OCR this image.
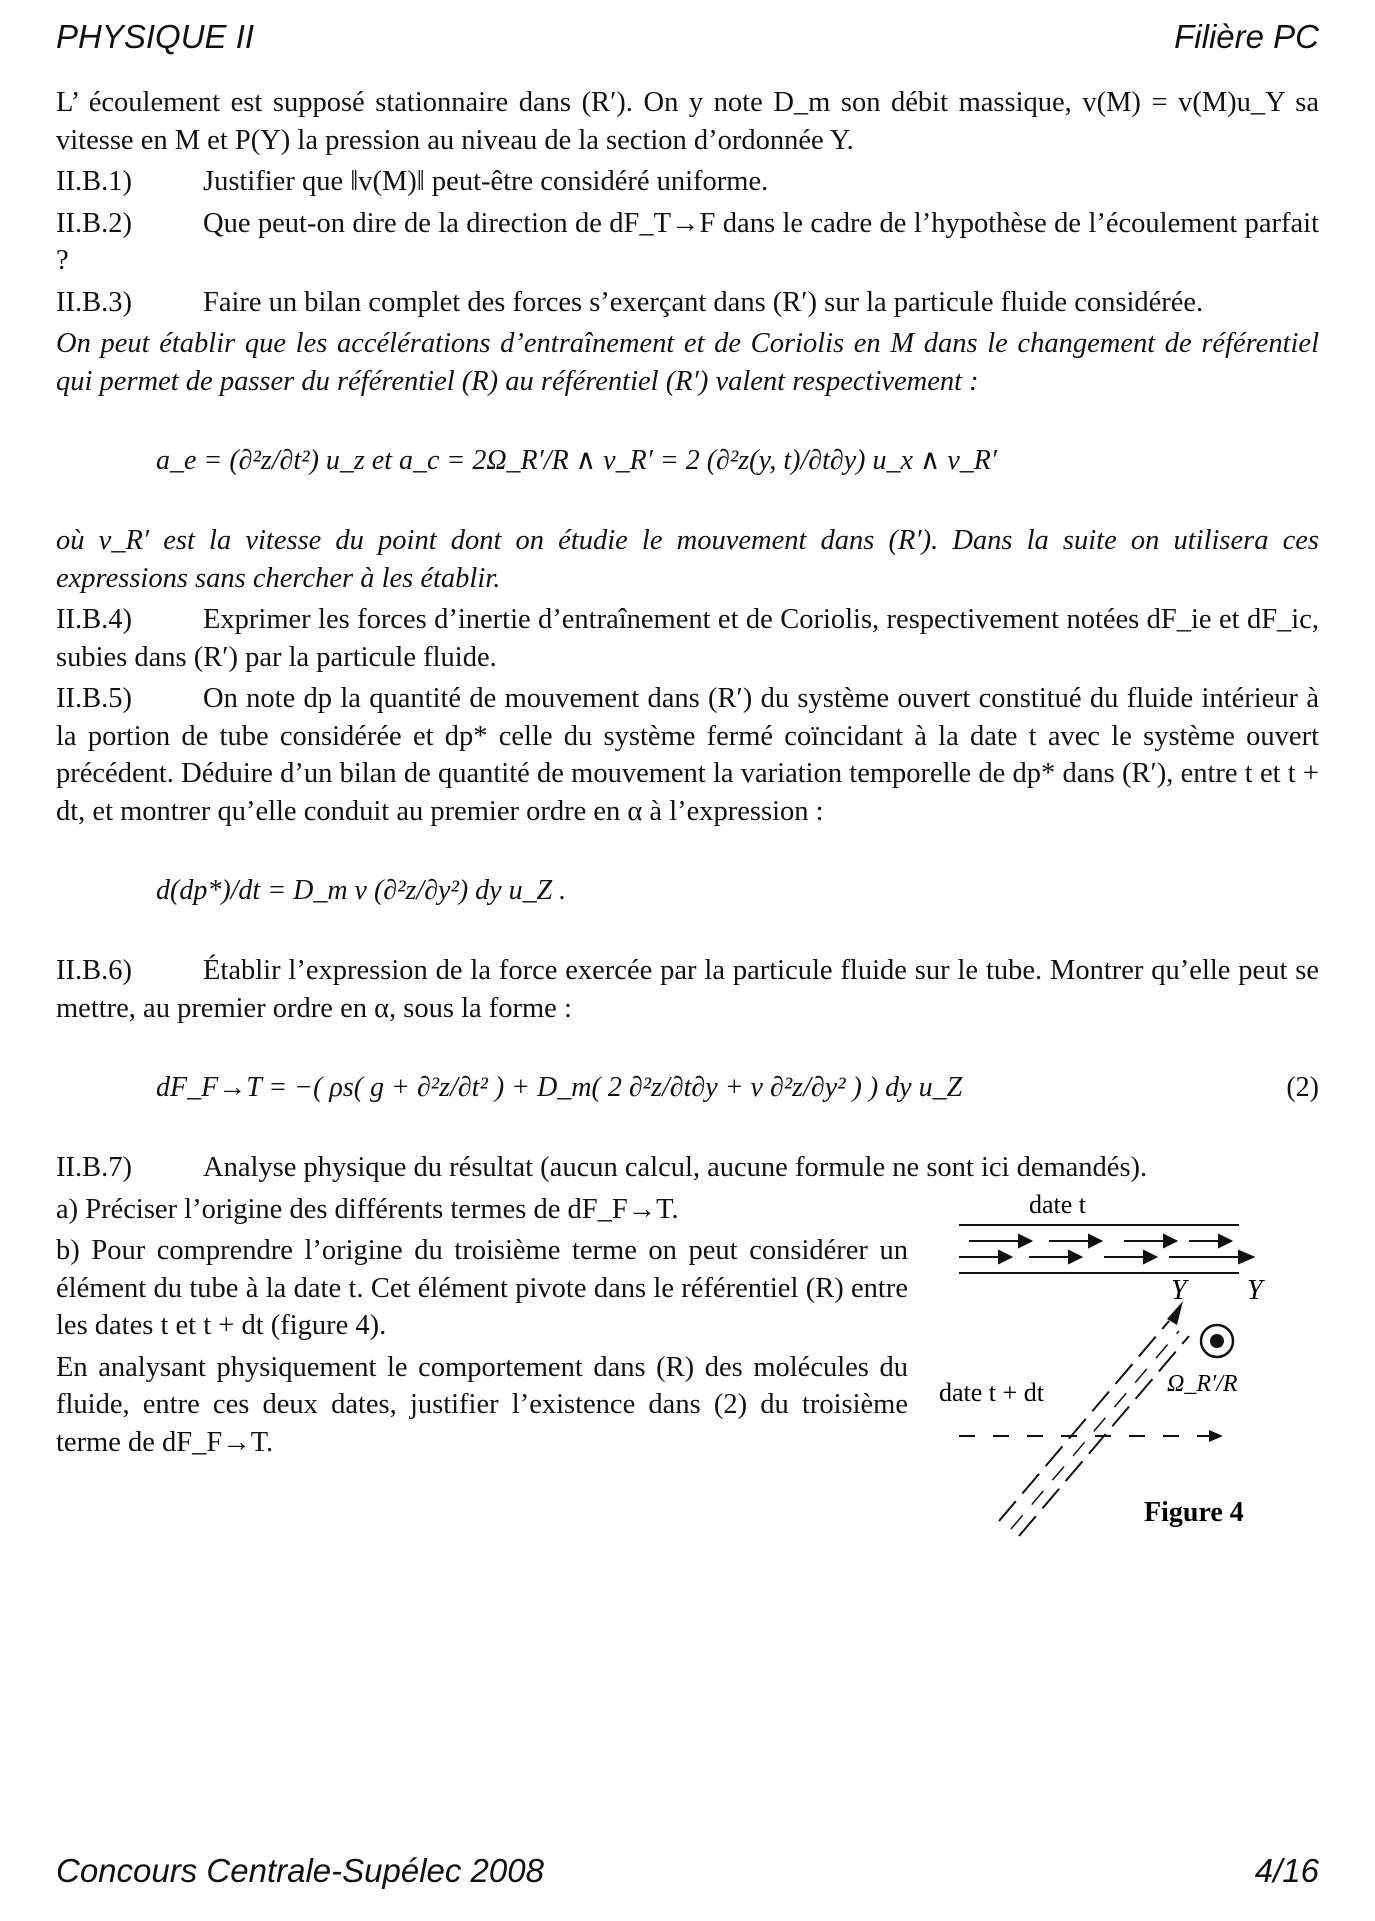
PHYSIQUE II	Filière PC

L’ écoulement est supposé stationnaire dans (R′). On y note D_m son débit massique, v(M) = v(M)u_Y sa vitesse en M et P(Y) la pression au niveau de la section d’ordonnée Y.

II.B.1) Justifier que ‖v(M)‖ peut-être considéré uniforme.

II.B.2) Que peut-on dire de la direction de dF_T→F dans le cadre de l’hypothèse de l’écoulement parfait ?

II.B.3) Faire un bilan complet des forces s’exerçant dans (R′) sur la particule fluide considérée.

On peut établir que les accélérations d’entraînement et de Coriolis en M dans le changement de référentiel qui permet de passer du référentiel (R) au référentiel (R′) valent respectivement :

a_e = (∂²z/∂t²) u_z et a_c = 2Ω_R′/R ∧ v_R′ = 2 (∂²z(y, t)/∂t∂y) u_x ∧ v_R′

où v_R′ est la vitesse du point dont on étudie le mouvement dans (R′). Dans la suite on utilisera ces expressions sans chercher à les établir.

II.B.4) Exprimer les forces d’inertie d’entraînement et de Coriolis, respectivement notées dF_ie et dF_ic, subies dans (R′) par la particule fluide.

II.B.5) On note dp la quantité de mouvement dans (R′) du système ouvert constitué du fluide intérieur à la portion de tube considérée et dp* celle du système fermé coïncidant à la date t avec le système ouvert précédent. Déduire d’un bilan de quantité de mouvement la variation temporelle de dp* dans (R′), entre t et t + dt, et montrer qu’elle conduit au premier ordre en α à l’expression :

d(dp*)/dt = D_m v (∂²z/∂y²) dy u_Z .

II.B.6) Établir l’expression de la force exercée par la particule fluide sur le tube. Montrer qu’elle peut se mettre, au premier ordre en α, sous la forme :

dF_F→T = −( ρs( g + ∂²z/∂t² ) + D_m( 2 ∂²z/∂t∂y + v ∂²z/∂y² ) ) dy u_Z	(2)

II.B.7) Analyse physique du résultat (aucun calcul, aucune formule ne sont ici demandés).

a) Préciser l’origine des différents termes de dF_F→T.

b) Pour comprendre l’origine du troisième terme on peut considérer un élément du tube à la date t. Cet élément pivote dans le référentiel (R) entre les dates t et t + dt (figure 4).

En analysant physiquement le comportement dans (R) des molécules du fluide, entre ces deux dates, justifier l’existence dans (2) du troisième terme de dF_F→T.

date t
Y
date t + dt
Y
Ω_R′/R
Figure 4
Concours Centrale-Supélec 2008	4/16
